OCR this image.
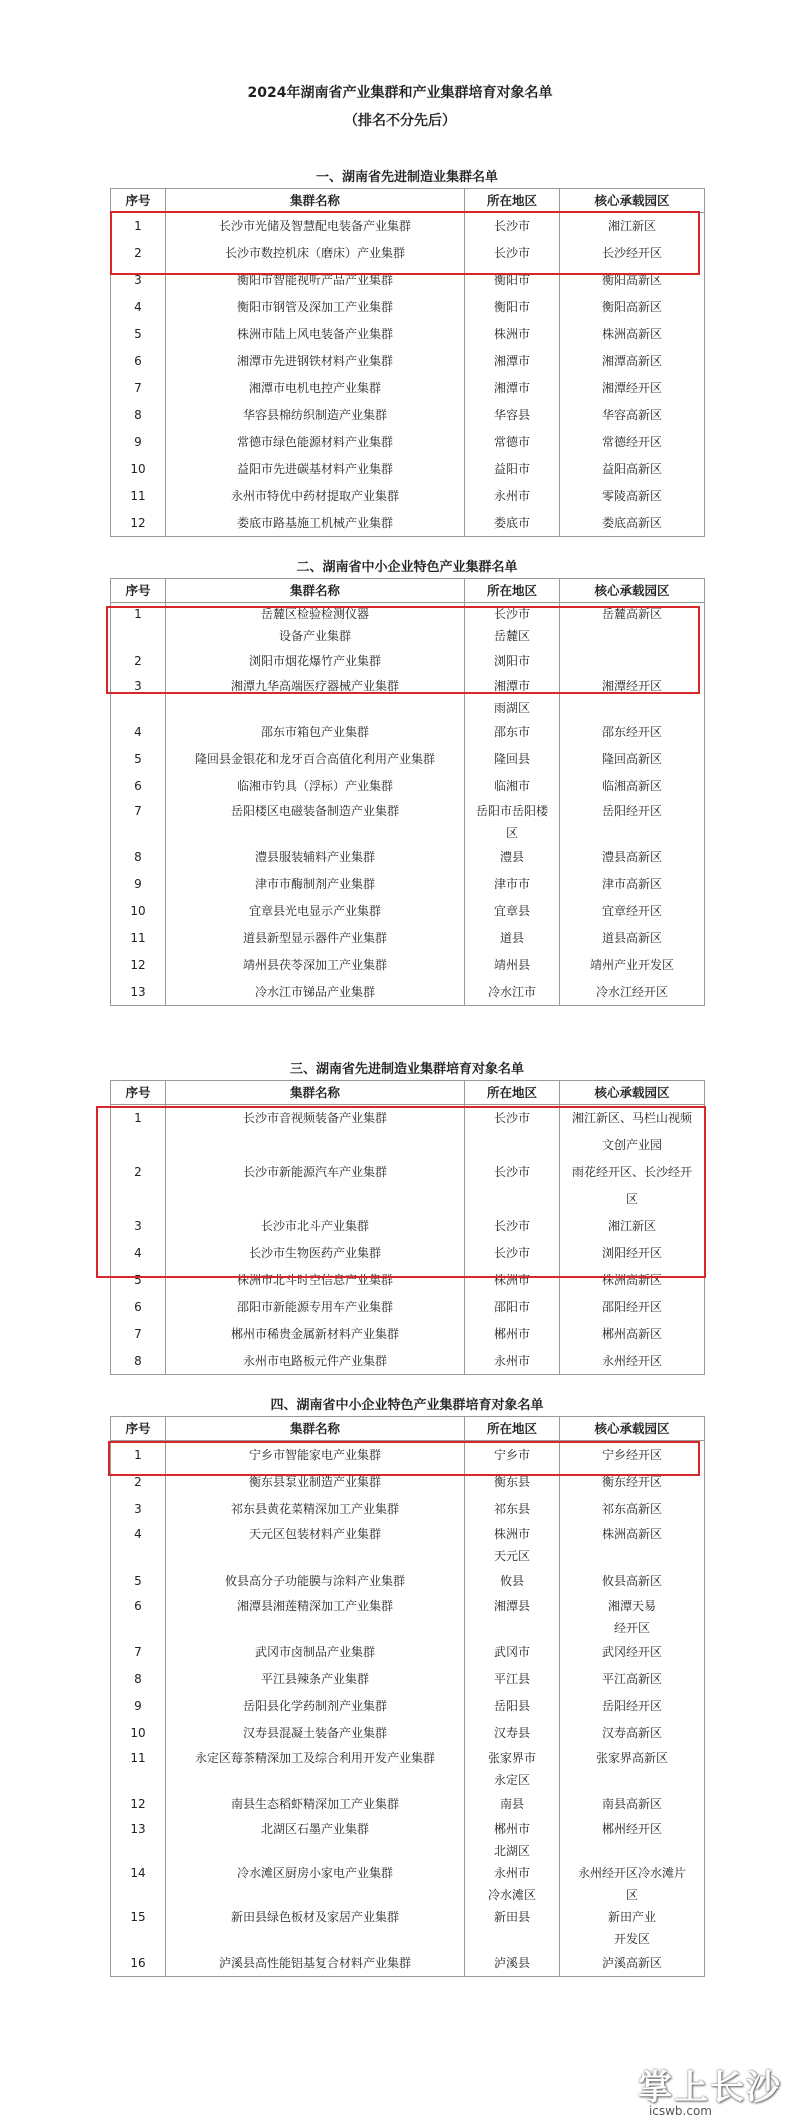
2024年湖南省产业集群和产业集群培育对象名单
（排名不分先后）
一、湖南省先进制造业集群名单
序号	集群名称	所在地区	核心承载园区
1	长沙市光储及智慧配电装备产业集群	长沙市	湘江新区
2	长沙市数控机床（磨床）产业集群	长沙市	长沙经开区
3	衡阳市智能视听产品产业集群	衡阳市	衡阳高新区
4	衡阳市钢管及深加工产业集群	衡阳市	衡阳高新区
5	株洲市陆上风电装备产业集群	株洲市	株洲高新区
6	湘潭市先进钢铁材料产业集群	湘潭市	湘潭高新区
7	湘潭市电机电控产业集群	湘潭市	湘潭经开区
8	华容县棉纺织制造产业集群	华容县	华容高新区
9	常德市绿色能源材料产业集群	常德市	常德经开区
10	益阳市先进碳基材料产业集群	益阳市	益阳高新区
11	永州市特优中药材提取产业集群	永州市	零陵高新区
12	娄底市路基施工机械产业集群	娄底市	娄底高新区
二、湖南省中小企业特色产业集群名单
序号	集群名称	所在地区	核心承载园区
1	岳麓区检验检测仪器	长沙市	岳麓高新区
	设备产业集群	岳麓区	
2	浏阳市烟花爆竹产业集群	浏阳市	
3	湘潭九华高端医疗器械产业集群	湘潭市	湘潭经开区
		雨湖区	
4	邵东市箱包产业集群	邵东市	邵东经开区
5	隆回县金银花和龙牙百合高值化利用产业集群	隆回县	隆回高新区
6	临湘市钓具（浮标）产业集群	临湘市	临湘高新区
7	岳阳楼区电磁装备制造产业集群	岳阳市岳阳楼	岳阳经开区
		区	
8	澧县服装辅料产业集群	澧县	澧县高新区
9	津市市酶制剂产业集群	津市市	津市高新区
10	宜章县光电显示产业集群	宜章县	宜章经开区
11	道县新型显示器件产业集群	道县	道县高新区
12	靖州县茯苓深加工产业集群	靖州县	靖州产业开发区
13	冷水江市锑品产业集群	冷水江市	冷水江经开区
三、湖南省先进制造业集群培育对象名单
序号	集群名称	所在地区	核心承载园区
1	长沙市音视频装备产业集群	长沙市	湘江新区、马栏山视频
			文创产业园
2	长沙市新能源汽车产业集群	长沙市	雨花经开区、长沙经开
			区
3	长沙市北斗产业集群	长沙市	湘江新区
4	长沙市生物医药产业集群	长沙市	浏阳经开区
5	株洲市北斗时空信息产业集群	株洲市	株洲高新区
6	邵阳市新能源专用车产业集群	邵阳市	邵阳经开区
7	郴州市稀贵金属新材料产业集群	郴州市	郴州高新区
8	永州市电路板元件产业集群	永州市	永州经开区
四、湖南省中小企业特色产业集群培育对象名单
序号	集群名称	所在地区	核心承载园区
1	宁乡市智能家电产业集群	宁乡市	宁乡经开区
2	衡东县泵业制造产业集群	衡东县	衡东经开区
3	祁东县黄花菜精深加工产业集群	祁东县	祁东高新区
4	天元区包装材料产业集群	株洲市	株洲高新区
		天元区	
5	攸县高分子功能膜与涂料产业集群	攸县	攸县高新区
6	湘潭县湘莲精深加工产业集群	湘潭县	湘潭天易
			经开区
7	武冈市卤制品产业集群	武冈市	武冈经开区
8	平江县辣条产业集群	平江县	平江高新区
9	岳阳县化学药制剂产业集群	岳阳县	岳阳经开区
10	汉寿县混凝土装备产业集群	汉寿县	汉寿高新区
11	永定区莓茶精深加工及综合利用开发产业集群	张家界市	张家界高新区
		永定区	
12	南县生态稻虾精深加工产业集群	南县	南县高新区
13	北湖区石墨产业集群	郴州市	郴州经开区
		北湖区	
14	冷水滩区厨房小家电产业集群	永州市	永州经开区冷水滩片
		冷水滩区	区
15	新田县绿色板材及家居产业集群	新田县	新田产业
			开发区
16	泸溪县高性能铝基复合材料产业集群	泸溪县	泸溪高新区
掌上长沙
icswb.com
